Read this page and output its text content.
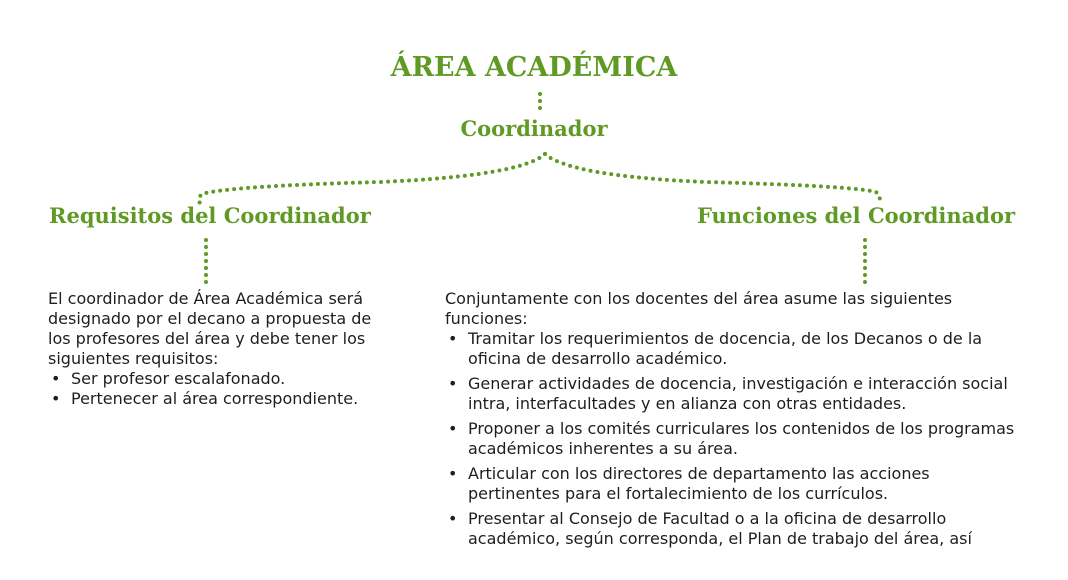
ÁREA ACADÉMICA
Coordinador
Requisitos del Coordinador	Funciones del Coordinador

El coordinador de Área Académica será designado por el decano a propuesta de los profesores del área y debe tener los siguientes requisitos:

• Ser profesor escalafonado.
• Pertenecer al área correspondiente.

Conjuntamente con los docentes del área asume las siguientes funciones:

• Tramitar los requerimientos de docencia, de los Decanos o de la oficina de desarrollo académico.
• Generar actividades de docencia, investigación e interacción social intra, interfacultades y en alianza con otras entidades.
• Proponer a los comités curriculares los contenidos de los programas académicos inherentes a su área.
• Articular con los directores de departamento las acciones pertinentes para el fortalecimiento de los currículos.
• Presentar al Consejo de Facultad o a la oficina de desarrollo académico, según corresponda, el Plan de trabajo del área, así
